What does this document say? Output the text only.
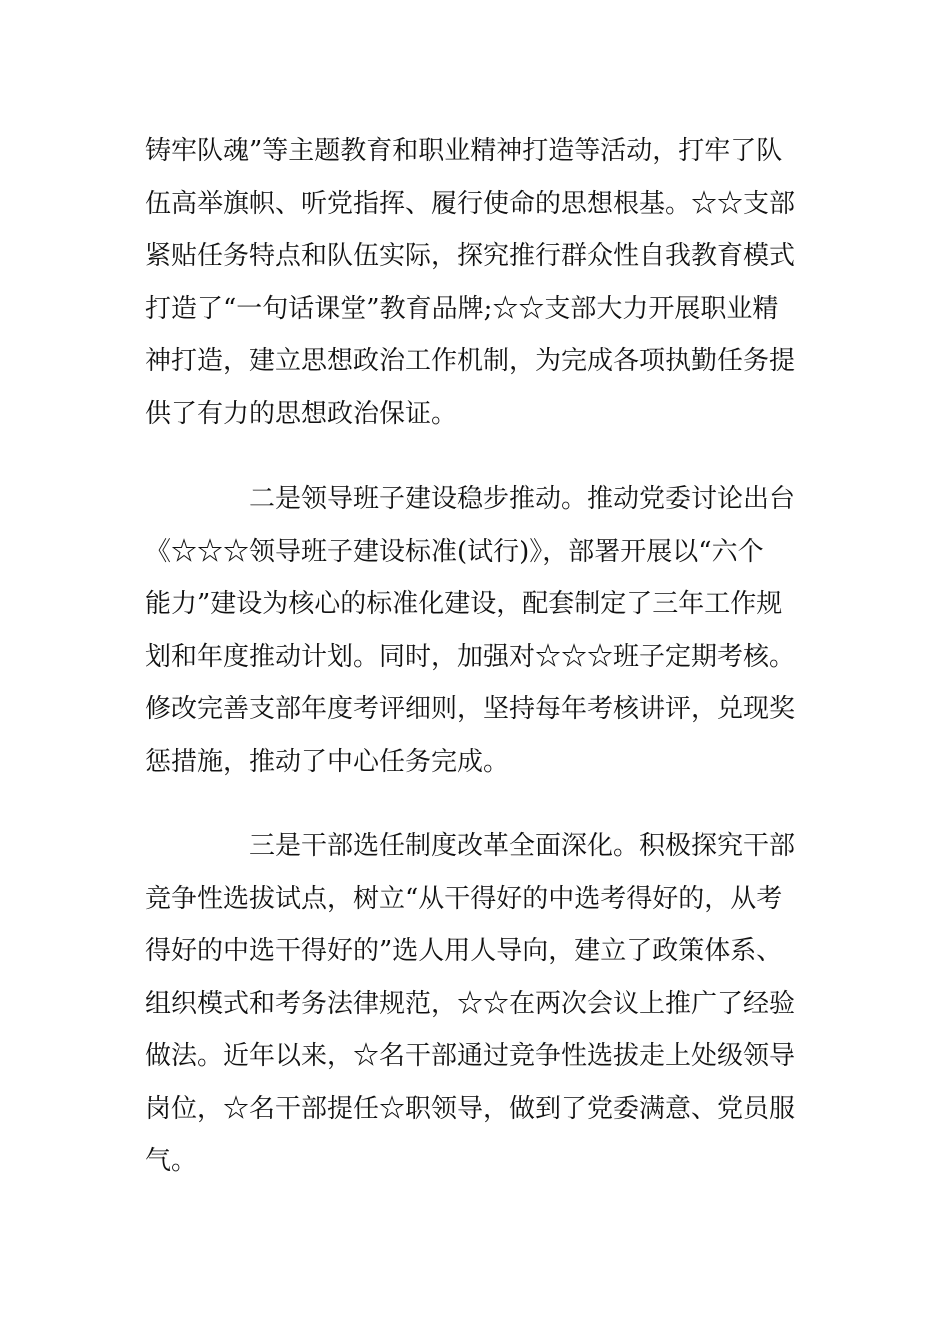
铸牢队魂”等主题教育和职业精神打造等活动，打牢了队
伍高举旗帜、听党指挥、履行使命的思想根基。☆☆支部
紧贴任务特点和队伍实际，探究推行群众性自我教育模式
打造了“一句话课堂”教育品牌;☆☆支部大力开展职业精
神打造，建立思想政治工作机制，为完成各项执勤任务提
供了有力的思想政治保证。
二是领导班子建设稳步推动。推动党委讨论出台
《☆☆☆领导班子建设标准(试行)》，部署开展以“六个
能力”建设为核心的标准化建设，配套制定了三年工作规
划和年度推动计划。同时，加强对☆☆☆班子定期考核。
修改完善支部年度考评细则，坚持每年考核讲评，兑现奖
惩措施，推动了中心任务完成。
三是干部选任制度改革全面深化。积极探究干部
竞争性选拔试点，树立“从干得好的中选考得好的，从考
得好的中选干得好的”选人用人导向，建立了政策体系、
组织模式和考务法律规范，☆☆在两次会议上推广了经验
做法。近年以来，☆名干部通过竞争性选拔走上处级领导
岗位，☆名干部提任☆职领导，做到了党委满意、党员服
气。
